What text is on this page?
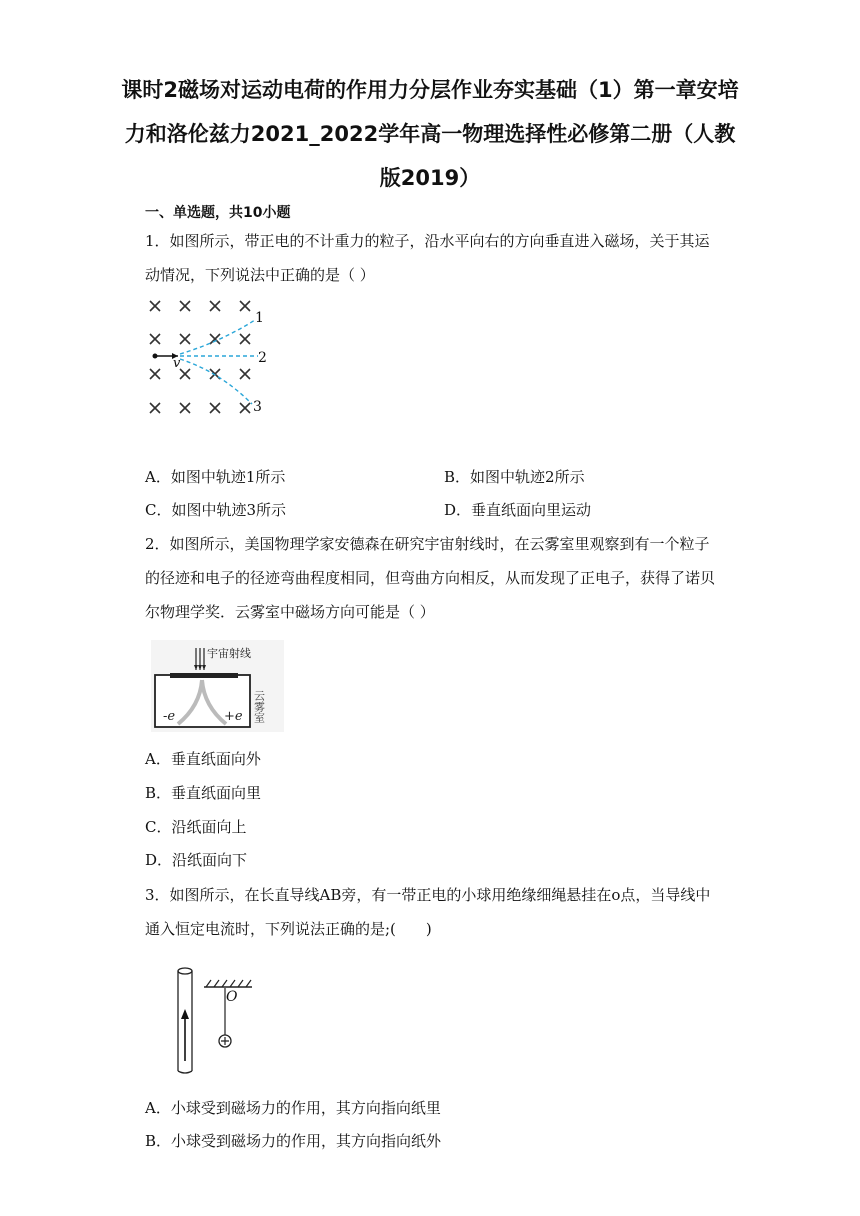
课时2磁场对运动电荷的作用力分层作业夯实基础（1）第一章安培力和洛伦兹力2021_2022学年高一物理选择性必修第二册（人教版2019）
一、单选题，共10小题
1．如图所示，带正电的不计重力的粒子，沿水平向右的方向垂直进入磁场，关于其运动情况，下列说法中正确的是（ ）
v
1
2
3
A．如图中轨迹1所示	B．如图中轨迹2所示
C．如图中轨迹3所示	D．垂直纸面向里运动
2．如图所示，美国物理学家安德森在研究宇宙射线时，在云雾室里观察到有一个粒子的径迹和电子的径迹弯曲程度相同，但弯曲方向相反，从而发现了正电子，获得了诺贝尔物理学奖．云雾室中磁场方向可能是（ ）
宇宙射线
-e	+e 云雾室
A．垂直纸面向外
B．垂直纸面向里
C．沿纸面向上
D．沿纸面向下
3．如图所示，在长直导线AB旁，有一带正电的小球用绝缘细绳悬挂在o点，当导线中通入恒定电流时，下列说法正确的是;(　　)
O
A．小球受到磁场力的作用，其方向指向纸里
B．小球受到磁场力的作用，其方向指向纸外
